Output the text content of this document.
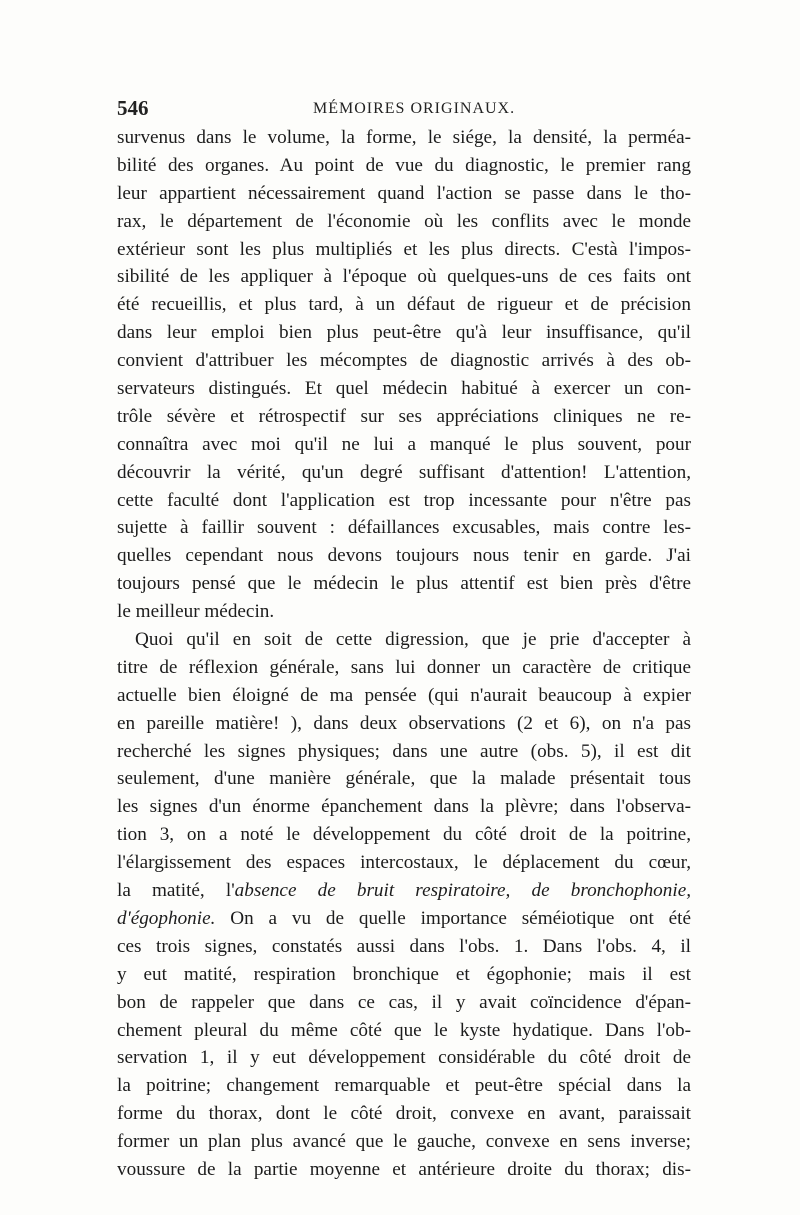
546	MÉMOIRES ORIGINAUX.
survenus dans le volume, la forme, le siége, la densité, la perméa-
bilité des organes. Au point de vue du diagnostic, le premier rang
leur appartient nécessairement quand l'action se passe dans le tho-
rax, le département de l'économie où les conflits avec le monde
extérieur sont les plus multipliés et les plus directs. C'està l'impos-
sibilité de les appliquer à l'époque où quelques-uns de ces faits ont
été recueillis, et plus tard, à un défaut de rigueur et de précision
dans leur emploi bien plus peut-être qu'à leur insuffisance, qu'il
convient d'attribuer les mécomptes de diagnostic arrivés à des ob-
servateurs distingués. Et quel médecin habitué à exercer un con-
trôle sévère et rétrospectif sur ses appréciations cliniques ne re-
connaîtra avec moi qu'il ne lui a manqué le plus souvent, pour
découvrir la vérité, qu'un degré suffisant d'attention! L'attention,
cette faculté dont l'application est trop incessante pour n'être pas
sujette à faillir souvent : défaillances excusables, mais contre les-
quelles cependant nous devons toujours nous tenir en garde. J'ai
toujours pensé que le médecin le plus attentif est bien près d'être
le meilleur médecin.
Quoi qu'il en soit de cette digression, que je prie d'accepter à
titre de réflexion générale, sans lui donner un caractère de critique
actuelle bien éloigné de ma pensée (qui n'aurait beaucoup à expier
en pareille matière! ), dans deux observations (2 et 6), on n'a pas
recherché les signes physiques; dans une autre (obs. 5), il est dit
seulement, d'une manière générale, que la malade présentait tous
les signes d'un énorme épanchement dans la plèvre; dans l'observa-
tion 3, on a noté le développement du côté droit de la poitrine,
l'élargissement des espaces intercostaux, le déplacement du cœur,
la matité, l'absence de bruit respiratoire, de bronchophonie,
d'égophonie. On a vu de quelle importance séméiotique ont été
ces trois signes, constatés aussi dans l'obs. 1. Dans l'obs. 4, il
y eut matité, respiration bronchique et égophonie; mais il est
bon de rappeler que dans ce cas, il y avait coïncidence d'épan-
chement pleural du même côté que le kyste hydatique. Dans l'ob-
servation 1, il y eut développement considérable du côté droit de
la poitrine; changement remarquable et peut-être spécial dans la
forme du thorax, dont le côté droit, convexe en avant, paraissait
former un plan plus avancé que le gauche, convexe en sens inverse;
voussure de la partie moyenne et antérieure droite du thorax; dis-
